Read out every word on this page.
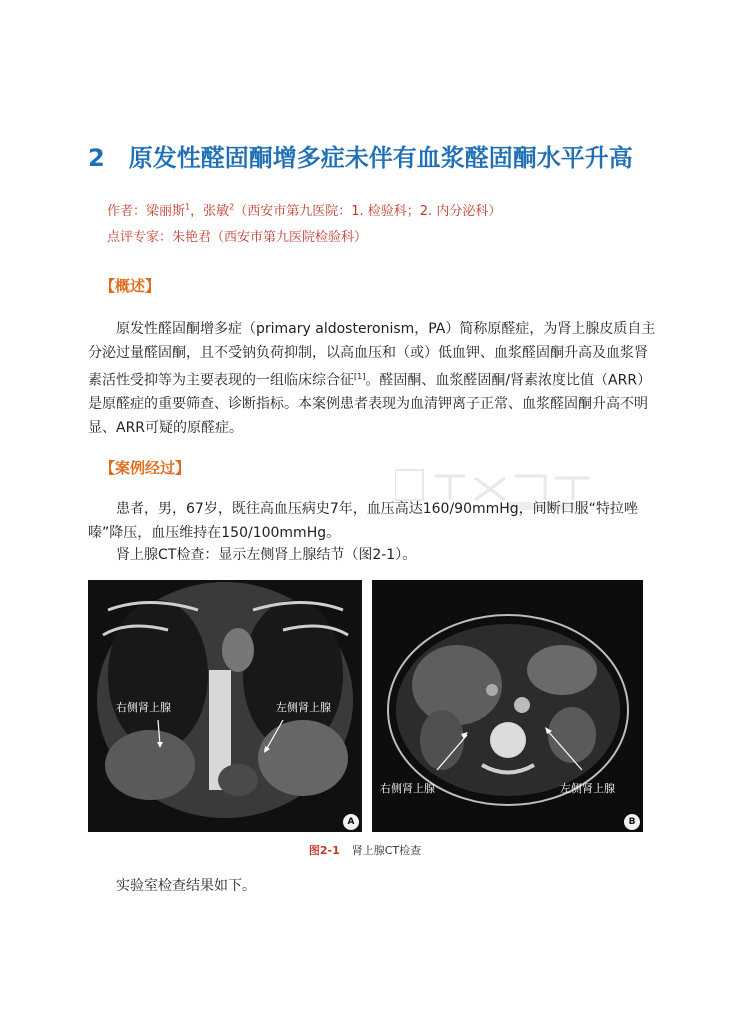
2 原发性醛固酮增多症未伴有血浆醛固酮水平升高
作者：梁丽斯$^1$，张敏$^2$（西安市第九医院：1. 检验科；2. 内分泌科）
点评专家：朱艳君（西安市第九医院检验科）
【概述】
原发性醛固酮增多症（primary aldosteronism，PA）简称原醛症，为肾上腺皮质自主分泌过量醛固酮，且不受钠负荷抑制，以高血压和（或）低血钾、血浆醛固酮升高及血浆肾素活性受抑等为主要表现的一组临床综合征[1]。醛固酮、血浆醛固酮/肾素浓度比值（ARR）是原醛症的重要筛查、诊断指标。本案例患者表现为血清钾离子正常、血浆醛固酮升高不明显、ARR可疑的原醛症。
【案例经过】
患者，男，67岁，既往高血压病史7年，血压高达160/90mmHg，间断口服“特拉唑嗪”降压，血压维持在150/100mmHg。
肾上腺CT检查：显示左侧肾上腺结节（图2-1）。
右侧肾上腺	左侧肾上腺
A
右侧肾上腺	左侧肾上腺
B
图2-1 肾上腺CT检查
实验室检查结果如下。
